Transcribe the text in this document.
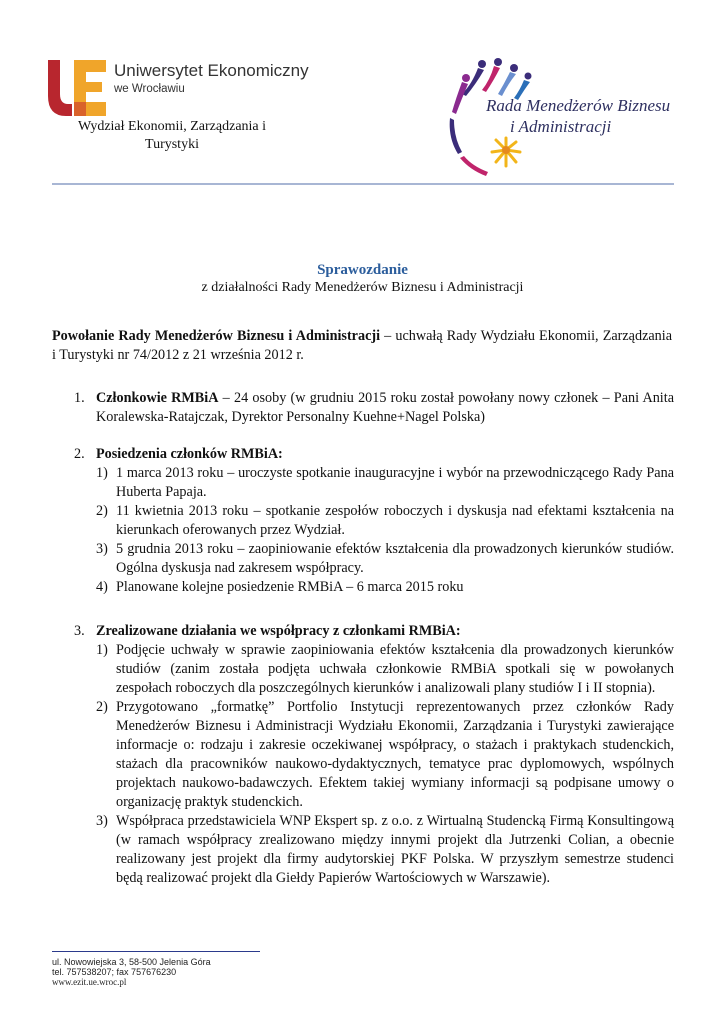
Uniwersytet Ekonomiczny
we Wrocławiu
Wydział Ekonomii, Zarządzania i
Turystyki
Rada Menedżerów Biznesu
i Administracji
Sprawozdanie
z działalności Rady Menedżerów Biznesu i Administracji
Powołanie Rady Menedżerów Biznesu i Administracji – uchwałą Rady Wydziału Ekonomii, Zarządzania i Turystyki nr 74/2012 z 21 września 2012 r.
1. Członkowie RMBiA – 24 osoby (w grudniu 2015 roku został powołany nowy członek – Pani Anita Koralewska-Ratajczak, Dyrektor Personalny Kuehne+Nagel Polska)
2. Posiedzenia członków RMBiA:
1) 1 marca 2013 roku – uroczyste spotkanie inauguracyjne i wybór na przewodniczącego Rady Pana Huberta Papaja.
2) 11 kwietnia 2013 roku – spotkanie zespołów roboczych i dyskusja nad efektami kształcenia na kierunkach oferowanych przez Wydział.
3) 5 grudnia 2013 roku – zaopiniowanie efektów kształcenia dla prowadzonych kierunków studiów. Ogólna dyskusja nad zakresem współpracy.
4) Planowane kolejne posiedzenie RMBiA – 6 marca 2015 roku
3. Zrealizowane działania we współpracy z członkami RMBiA:
1) Podjęcie uchwały w sprawie zaopiniowania efektów kształcenia dla prowadzonych kierunków studiów (zanim została podjęta uchwała członkowie RMBiA spotkali się w powołanych zespołach roboczych dla poszczególnych kierunków i analizowali plany studiów I i II stopnia).
2) Przygotowano „formatkę” Portfolio Instytucji reprezentowanych przez członków Rady Menedżerów Biznesu i Administracji Wydziału Ekonomii, Zarządzania i Turystyki zawierające informacje o: rodzaju i zakresie oczekiwanej współpracy, o stażach i praktykach studenckich, stażach dla pracowników naukowo-dydaktycznych, tematyce prac dyplomowych, wspólnych projektach naukowo-badawczych. Efektem takiej wymiany informacji są podpisane umowy o organizację praktyk studenckich.
3) Współpraca przedstawiciela WNP Ekspert sp. z o.o. z Wirtualną Studencką Firmą Konsultingową (w ramach współpracy zrealizowano między innymi projekt dla Jutrzenki Colian, a obecnie realizowany jest projekt dla firmy audytorskiej PKF Polska. W przyszłym semestrze studenci będą realizować projekt dla Giełdy Papierów Wartościowych w Warszawie).
ul. Nowowiejska 3, 58-500 Jelenia Góra
tel. 757538207; fax 757676230
www.ezit.ue.wroc.pl
